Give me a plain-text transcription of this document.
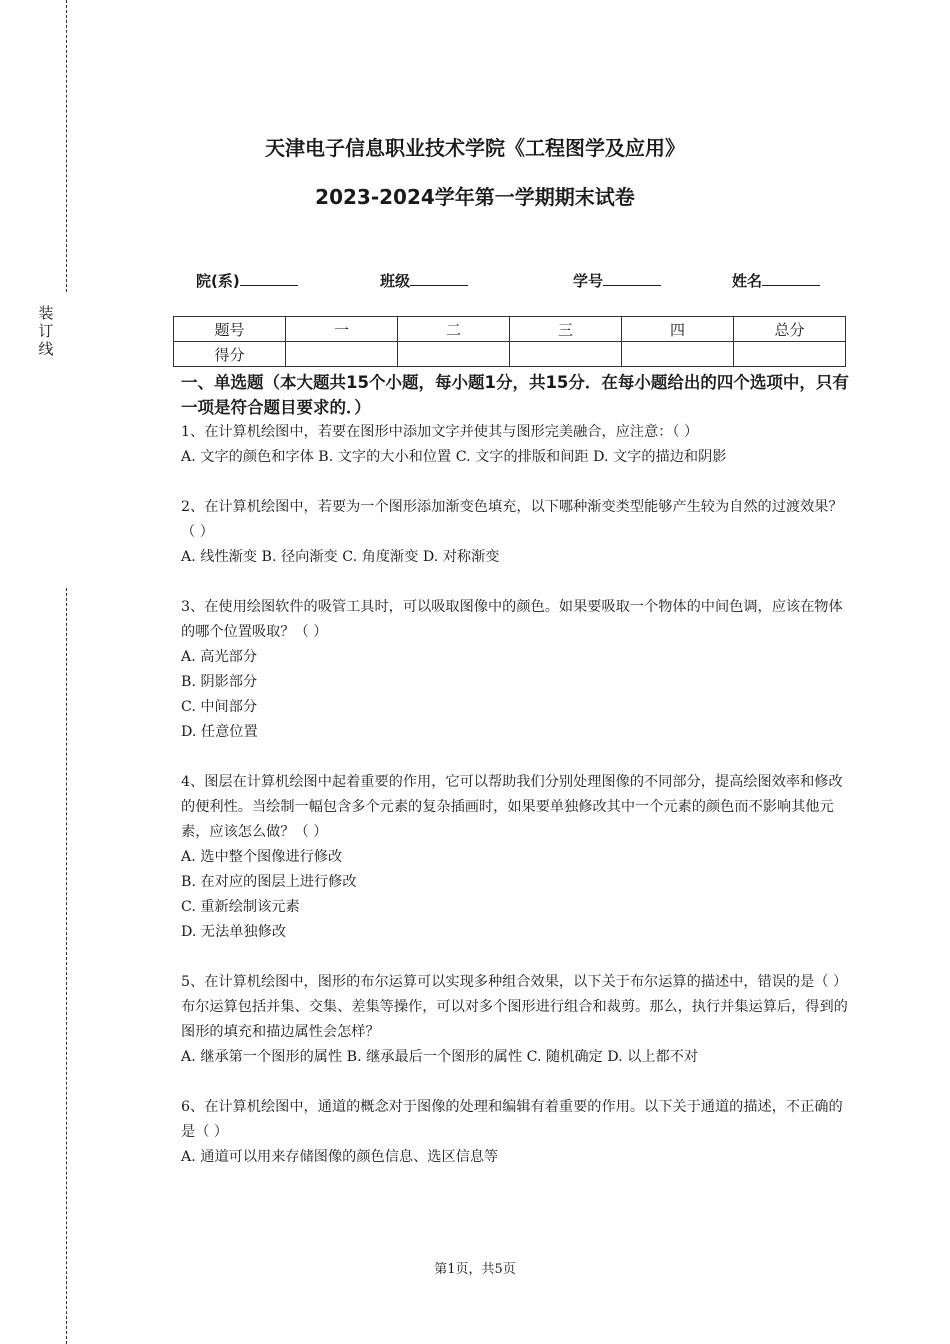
装
订
线
天津电子信息职业技术学院《工程图学及应用》
2023-2024学年第一学期期末试卷
院(系)	班级	学号	姓名
题号	一	二	三	四	总分
得分					

一、单选题（本大题共15个小题，每小题1分，共15分．在每小题给出的四个选项中，只有一项是符合题目要求的．）

1、在计算机绘图中，若要在图形中添加文字并使其与图形完美融合，应注意：（ ）

A. 文字的颜色和字体 B. 文字的大小和位置 C. 文字的排版和间距 D. 文字的描边和阴影

2、在计算机绘图中，若要为一个图形添加渐变色填充，以下哪种渐变类型能够产生较为自然的过渡效果？（ ）

A. 线性渐变 B. 径向渐变 C. 角度渐变 D. 对称渐变

3、在使用绘图软件的吸管工具时，可以吸取图像中的颜色。如果要吸取一个物体的中间色调，应该在物体的哪个位置吸取？（ ）

A. 高光部分

B. 阴影部分

C. 中间部分

D. 任意位置

4、图层在计算机绘图中起着重要的作用，它可以帮助我们分别处理图像的不同部分，提高绘图效率和修改的便利性。当绘制一幅包含多个元素的复杂插画时，如果要单独修改其中一个元素的颜色而不影响其他元素，应该怎么做？（ ）

A. 选中整个图像进行修改

B. 在对应的图层上进行修改

C. 重新绘制该元素

D. 无法单独修改

5、在计算机绘图中，图形的布尔运算可以实现多种组合效果，以下关于布尔运算的描述中，错误的是（ ）

布尔运算包括并集、交集、差集等操作，可以对多个图形进行组合和裁剪。那么，执行并集运算后，得到的图形的填充和描边属性会怎样？

A. 继承第一个图形的属性 B. 继承最后一个图形的属性 C. 随机确定 D. 以上都不对

6、在计算机绘图中，通道的概念对于图像的处理和编辑有着重要的作用。以下关于通道的描述，不正确的是（ ）

A. 通道可以用来存储图像的颜色信息、选区信息等

第1页，共5页
